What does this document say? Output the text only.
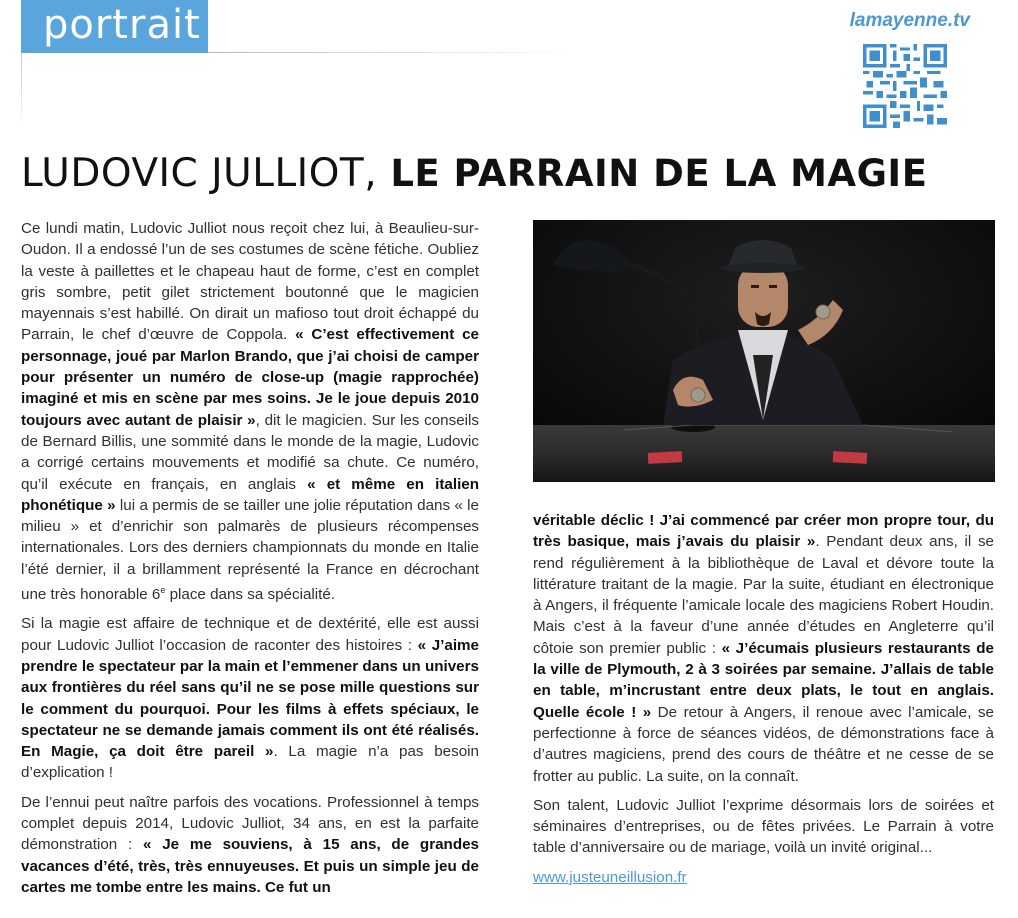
portrait	lamayenne.tv
LUDOVIC JULLIOT, LE PARRAIN DE LA MAGIE

Ce lundi matin, Ludovic Julliot nous reçoit chez lui, à Beaulieu-sur-Oudon. Il a endossé l’un de ses costumes de scène fétiche. Oubliez la veste à paillettes et le chapeau haut de forme, c’est en complet gris sombre, petit gilet strictement boutonné que le magicien mayennais s’est habillé. On dirait un mafioso tout droit échappé du Parrain, le chef d’œuvre de Coppola. « C’est effectivement ce personnage, joué par Marlon Brando, que j’ai choisi de camper pour présenter un numéro de close-up (magie rapprochée) imaginé et mis en scène par mes soins. Je le joue depuis 2010 toujours avec autant de plaisir », dit le magicien. Sur les conseils de Bernard Billis, une sommité dans le monde de la magie, Ludovic a corrigé certains mouvements et modifié sa chute. Ce numéro, qu’il exécute en français, en anglais « et même en italien phonétique » lui a permis de se tailler une jolie réputation dans « le milieu » et d’enrichir son palmarès de plusieurs récompenses internationales. Lors des derniers championnats du monde en Italie l’été dernier, il a brillamment représenté la France en décrochant une très honorable 6e place dans sa spécialité.

Si la magie est affaire de technique et de dextérité, elle est aussi pour Ludovic Julliot l’occasion de raconter des histoires : « J’aime prendre le spectateur par la main et l’emmener dans un univers aux frontières du réel sans qu’il ne se pose mille questions sur le comment du pourquoi. Pour les films à effets spéciaux, le spectateur ne se demande jamais comment ils ont été réalisés. En Magie, ça doit être pareil ». La magie n’a pas besoin d’explication !

De l’ennui peut naître parfois des vocations. Professionnel à temps complet depuis 2014, Ludovic Julliot, 34 ans, en est la parfaite démonstration : « Je me souviens, à 15 ans, de grandes vacances d’été, très, très ennuyeuses. Et puis un simple jeu de cartes me tombe entre les mains. Ce fut un

véritable déclic ! J’ai commencé par créer mon propre tour, du très basique, mais j’avais du plaisir ». Pendant deux ans, il se rend régulièrement à la bibliothèque de Laval et dévore toute la littérature traitant de la magie. Par la suite, étudiant en électronique à Angers, il fréquente l’amicale locale des magiciens Robert Houdin. Mais c’est à la faveur d’une année d’études en Angleterre qu’il côtoie son premier public : « J’écumais plusieurs restaurants de la ville de Plymouth, 2 à 3 soirées par semaine. J’allais de table en table, m’incrustant entre deux plats, le tout en anglais. Quelle école ! » De retour à Angers, il renoue avec l’amicale, se perfectionne à force de séances vidéos, de démonstrations face à d’autres magiciens, prend des cours de théâtre et ne cesse de se frotter au public. La suite, on la connaît.

Son talent, Ludovic Julliot l’exprime désormais lors de soirées et séminaires d’entreprises, ou de fêtes privées. Le Parrain à votre table d’anniversaire ou de mariage, voilà un invité original...

www.justeuneillusion.fr
